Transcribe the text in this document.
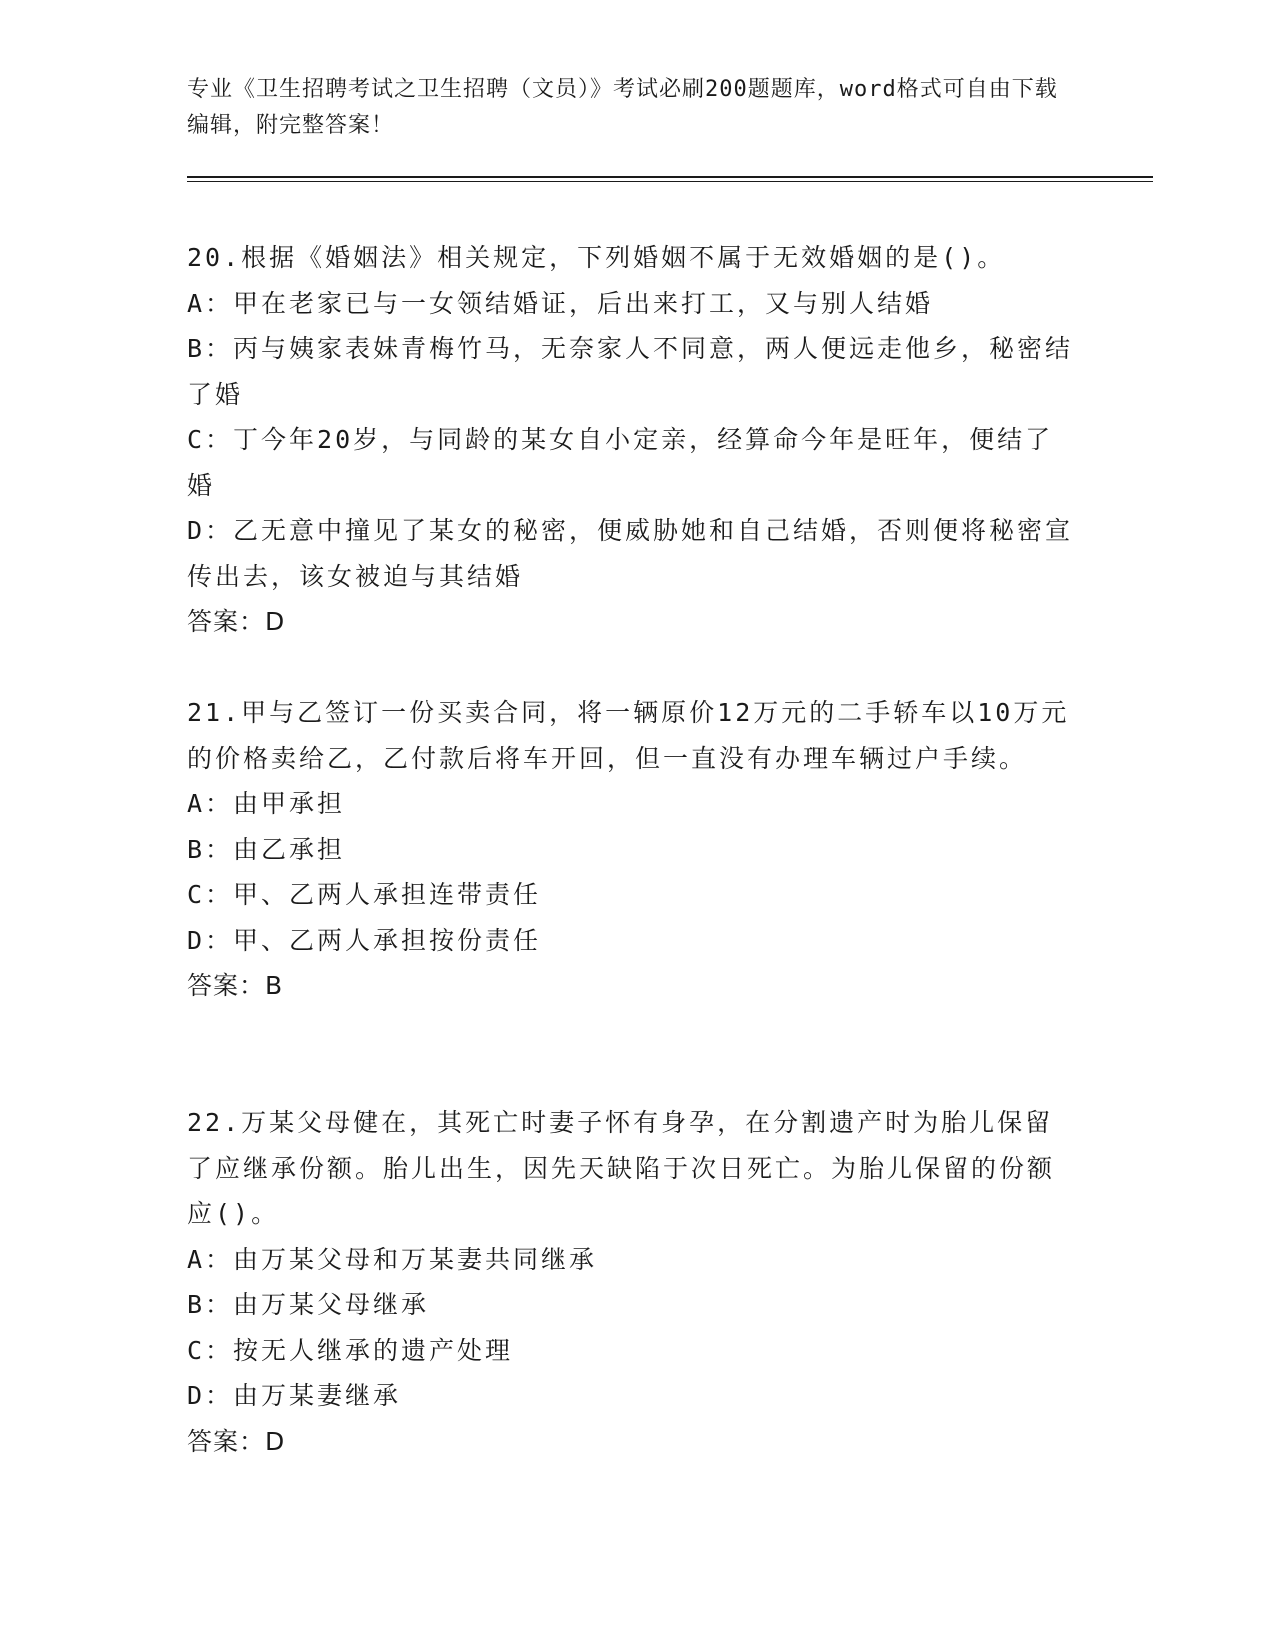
专业《卫生招聘考试之卫生招聘（文员）》考试必刷200题题库，word格式可自由下载编辑，附完整答案！

20.根据《婚姻法》相关规定，下列婚姻不属于无效婚姻的是()。

A：甲在老家已与一女领结婚证，后出来打工，又与别人结婚

B：丙与姨家表妹青梅竹马，无奈家人不同意，两人便远走他乡，秘密结了婚

C：丁今年20岁，与同龄的某女自小定亲，经算命今年是旺年，便结了婚

D：乙无意中撞见了某女的秘密，便威胁她和自己结婚，否则便将秘密宣传出去，该女被迫与其结婚

答案：D

21.甲与乙签订一份买卖合同，将一辆原价12万元的二手轿车以10万元的价格卖给乙，乙付款后将车开回，但一直没有办理车辆过户手续。

A：由甲承担

B：由乙承担

C：甲、乙两人承担连带责任

D：甲、乙两人承担按份责任

答案：B

22.万某父母健在，其死亡时妻子怀有身孕，在分割遗产时为胎儿保留了应继承份额。胎儿出生，因先天缺陷于次日死亡。为胎儿保留的份额应()。

A：由万某父母和万某妻共同继承

B：由万某父母继承

C：按无人继承的遗产处理

D：由万某妻继承

答案：D
